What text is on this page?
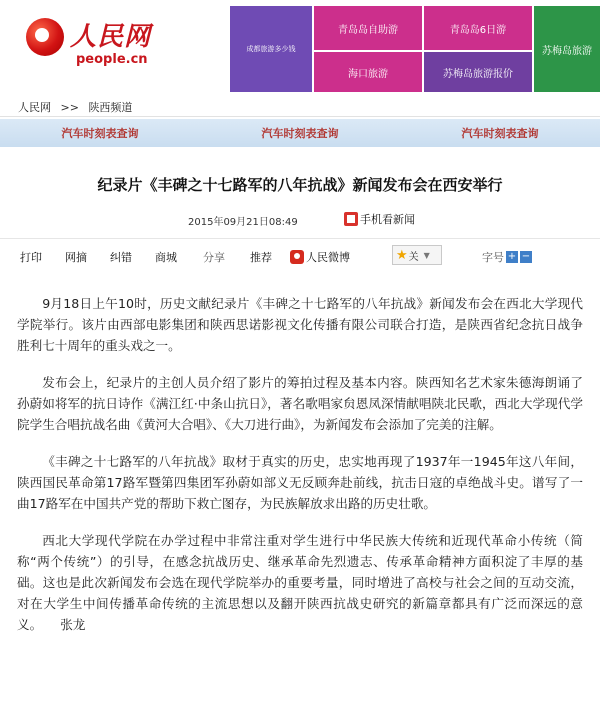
人民网
people.cn
成都旅游多少钱
青岛岛自助游	青岛岛6日游
海口旅游	苏梅岛旅游报价
苏梅岛旅游
人民网 >> 陕西频道
汽车时刻表查询	汽车时刻表查询	汽车时刻表查询
纪录片《丰碑之十七路军的八年抗战》新闻发布会在西安举行
2015年09月21日08:49	手机看新闻
打印 网摘 纠错 商城 分享 推荐	人民微博	★ 关 ▼	字号 + −

9月18日上午10时，历史文献纪录片《丰碑之十七路军的八年抗战》新闻发布会在西北大学现代学院举行。该片由西部电影集团和陕西思诺影视文化传播有限公司联合打造，是陕西省纪念抗日战争胜利七十周年的重头戏之一。

发布会上，纪录片的主创人员介绍了影片的筹拍过程及基本内容。陕西知名艺术家朱德海朗诵了孙蔚如将军的抗日诗作《满江红·中条山抗日》，著名歌唱家贠恩凤深情献唱陕北民歌，西北大学现代学院学生合唱抗战名曲《黄河大合唱》、《大刀进行曲》，为新闻发布会添加了完美的注解。

《丰碑之十七路军的八年抗战》取材于真实的历史，忠实地再现了1937年一1945年这八年间，陕西国民革命第17路军暨第四集团军孙蔚如部义无反顾奔赴前线，抗击日寇的卓绝战斗史。谱写了一曲17路军在中国共产党的帮助下救亡图存，为民族解放求出路的历史壮歌。

西北大学现代学院在办学过程中非常注重对学生进行中华民族大传统和近现代革命小传统（简称“两个传统”）的引导，在感念抗战历史、继承革命先烈遗志、传承革命精神方面积淀了丰厚的基础。这也是此次新闻发布会选在现代学院举办的重要考量，同时增进了高校与社会之间的互动交流，对在大学生中间传播革命传统的主流思想以及翻开陕西抗战史研究的新篇章都具有广泛而深远的意义。 张龙
